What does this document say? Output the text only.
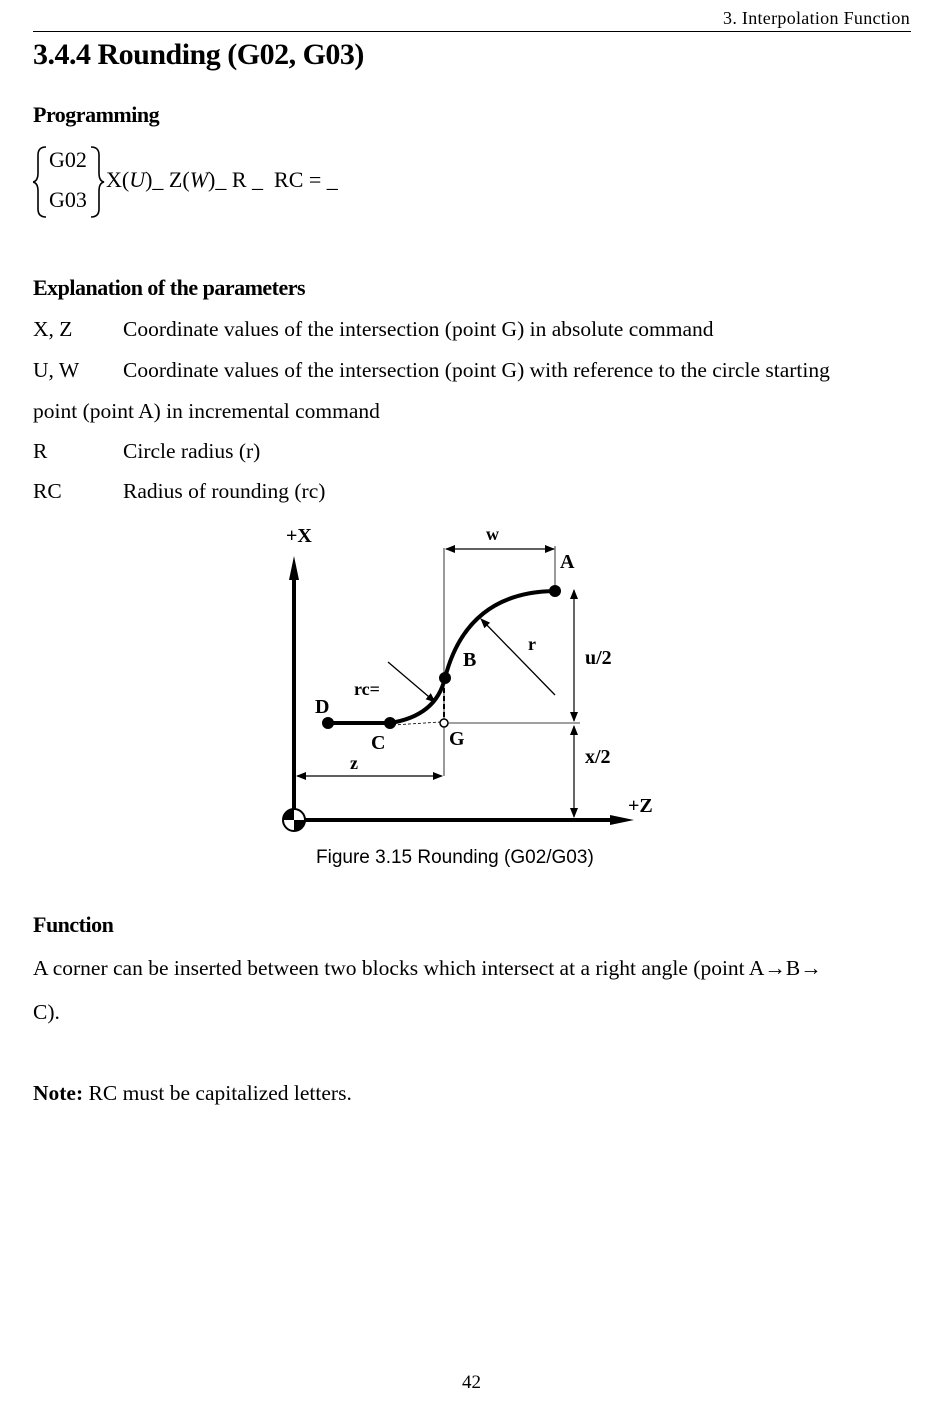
3. Interpolation Function
3.4.4 Rounding (G02, G03)
Programming
G02
G03
X(U)_ Z(W)_ R _  RC = _
Explanation of the parameters
X, Z Coordinate values of the intersection (point G) in absolute command
U, W Coordinate values of the intersection (point G) with reference to the circle starting
point (point A) in incremental command
R	Circle radius (r)
RC	Radius of rounding (rc)
+X
+Z
w
A
B
C
D
G
r
rc=
u/2
x/2
z
Figure 3.15 Rounding (G02/G03)
Function
A corner can be inserted between two blocks which intersect at a right angle (point A→B→
C).
Note: RC must be capitalized letters.
42
